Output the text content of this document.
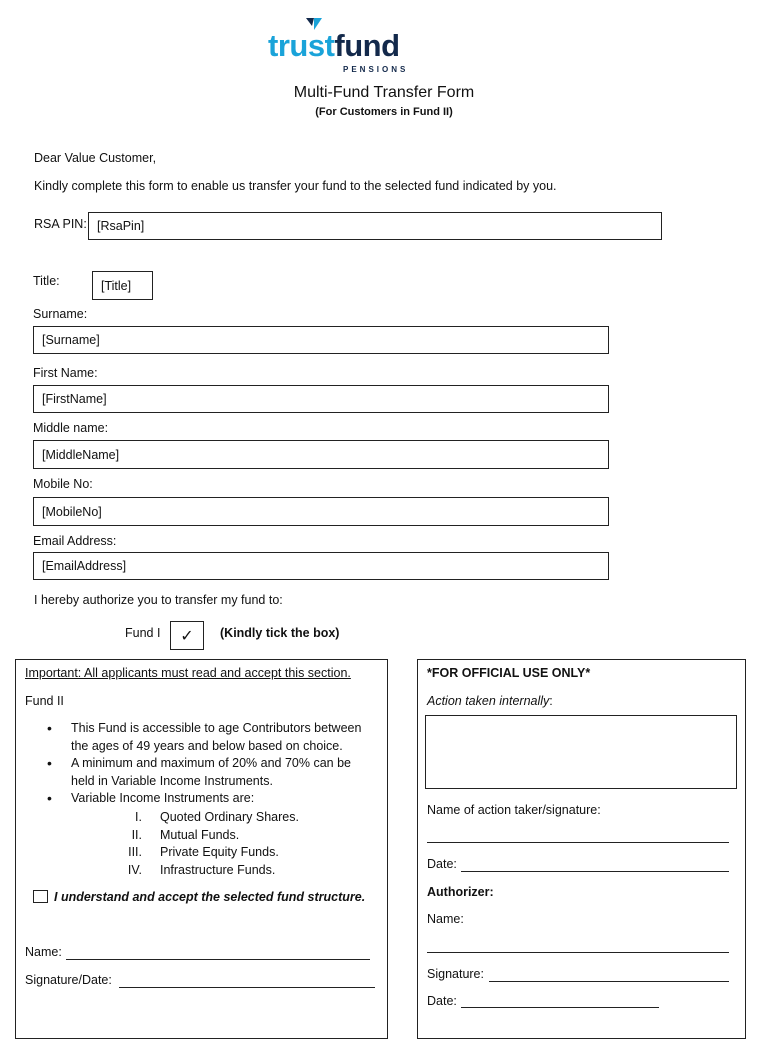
trustfund
PENSIONS
Multi-Fund Transfer Form
(For Customers in Fund II)
Dear Value Customer,
Kindly complete this form to enable us transfer your fund to the selected fund indicated by you.
RSA PIN: [RsaPin]
Title:	[Title]
Surname:
[Surname]
First Name:
[FirstName]
Middle name:
[MiddleName]
Mobile No:
[MobileNo]
Email Address:
[EmailAddress]
I hereby authorize you to transfer my fund to:
Fund I ✓ (Kindly tick the box)
Important: All applicants must read and accept this section.
Fund II
• This Fund is accessible to age Contributors between the ages of 49 years and below based on choice.
• A minimum and maximum of 20% and 70% can be held in Variable Income Instruments.
• Variable Income Instruments are:
I. Quoted Ordinary Shares.
II. Mutual Funds.
III. Private Equity Funds.
IV. Infrastructure Funds.
I understand and accept the selected fund structure.
Name:
Signature/Date:
*FOR OFFICIAL USE ONLY*
Action taken internally:
Name of action taker/signature:
Date:
Authorizer:
Name:
Signature:
Date:
